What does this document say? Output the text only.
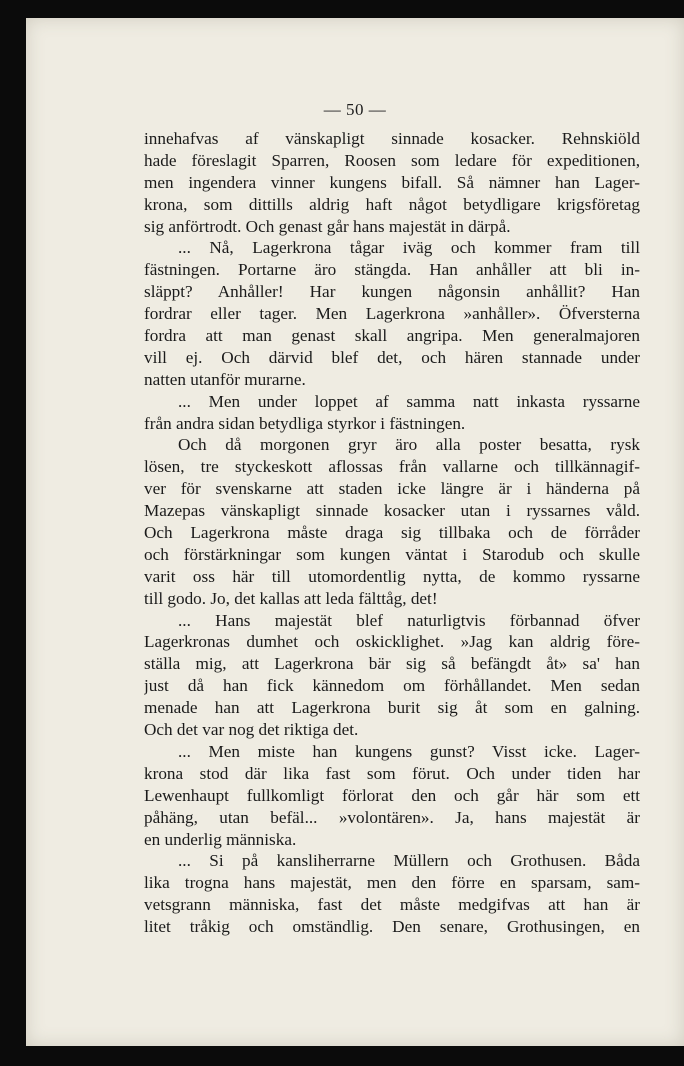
— 50 —
innehafvas af vänskapligt sinnade kosacker. Rehnskiöld
hade föreslagit Sparren, Roosen som ledare för expeditionen,
men ingendera vinner kungens bifall. Så nämner han Lager-
krona, som dittills aldrig haft något betydligare krigsföretag
sig anförtrodt. Och genast går hans majestät in därpå.
... Nå, Lagerkrona tågar iväg och kommer fram till
fästningen. Portarne äro stängda. Han anhåller att bli in-
släppt? Anhåller! Har kungen någonsin anhållit? Han
fordrar eller tager. Men Lagerkrona »anhåller». Öfversterna
fordra att man genast skall angripa. Men generalmajoren
vill ej. Och därvid blef det, och hären stannade under
natten utanför murarne.
... Men under loppet af samma natt inkasta ryssarne
från andra sidan betydliga styrkor i fästningen.
Och då morgonen gryr äro alla poster besatta, rysk
lösen, tre styckeskott aflossas från vallarne och tillkännagif-
ver för svenskarne att staden icke längre är i händerna på
Mazepas vänskapligt sinnade kosacker utan i ryssarnes våld.
Och Lagerkrona måste draga sig tillbaka och de förråder
och förstärkningar som kungen väntat i Starodub och skulle
varit oss här till utomordentlig nytta, de kommo ryssarne
till godo. Jo, det kallas att leda fälttåg, det!
... Hans majestät blef naturligtvis förbannad öfver
Lagerkronas dumhet och oskicklighet. »Jag kan aldrig före-
ställa mig, att Lagerkrona bär sig så befängdt åt» sa' han
just då han fick kännedom om förhållandet. Men sedan
menade han att Lagerkrona burit sig åt som en galning.
Och det var nog det riktiga det.
... Men miste han kungens gunst? Visst icke. Lager-
krona stod där lika fast som förut. Och under tiden har
Lewenhaupt fullkomligt förlorat den och går här som ett
påhäng, utan befäl... »volontären». Ja, hans majestät är
en underlig människa.
... Si på kansliherrarne Müllern och Grothusen. Båda
lika trogna hans majestät, men den förre en sparsam, sam-
vetsgrann människa, fast det måste medgifvas att han är
litet tråkig och omständlig. Den senare, Grothusingen, en
